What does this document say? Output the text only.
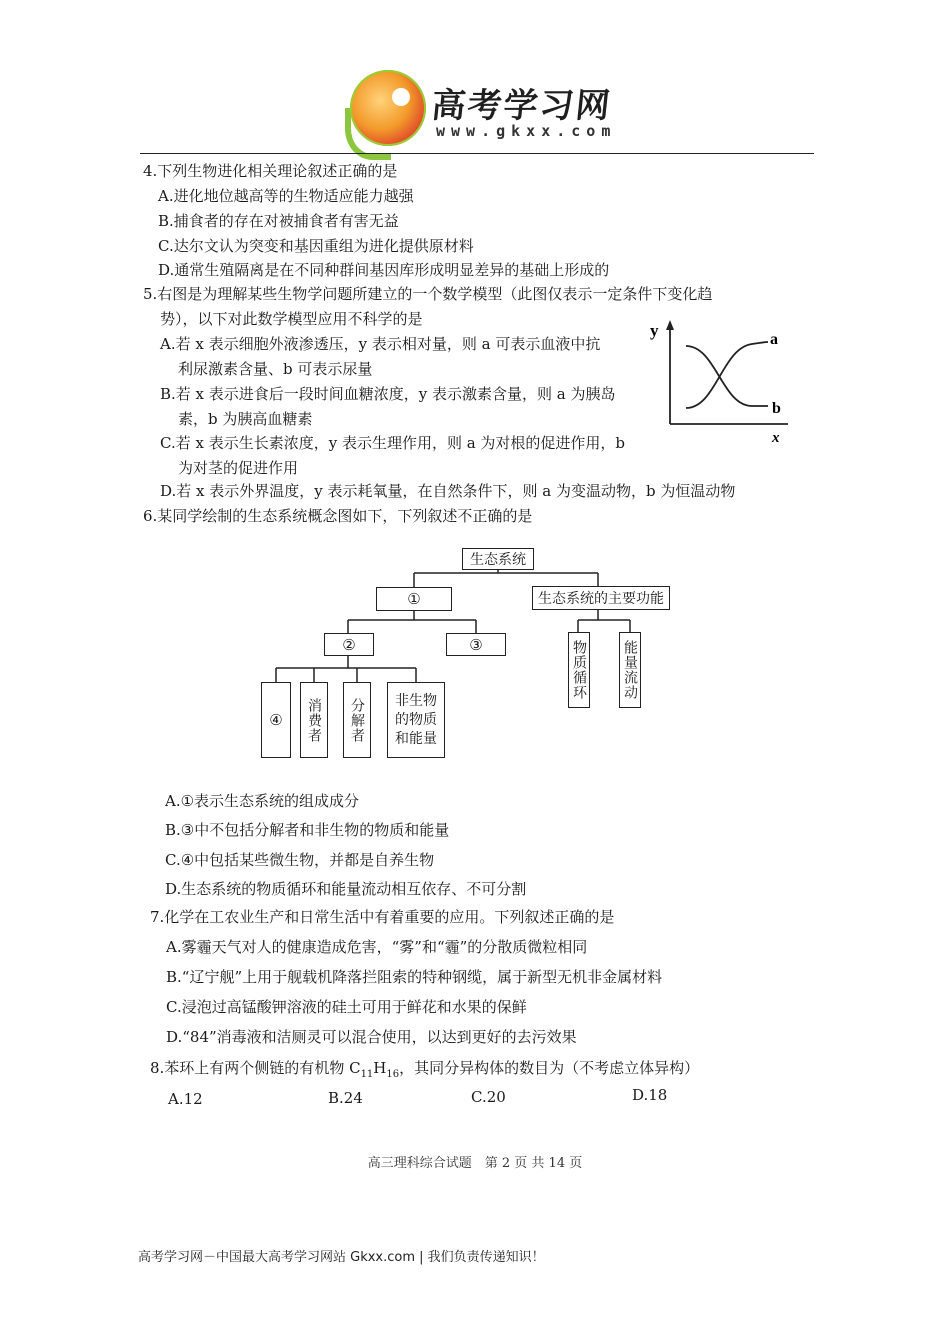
高考学习网
www.gkxx.com
4.下列生物进化相关理论叙述正确的是
A.进化地位越高等的生物适应能力越强
B.捕食者的存在对被捕食者有害无益
C.达尔文认为突变和基因重组为进化提供原材料
D.通常生殖隔离是在不同种群间基因库形成明显差异的基础上形成的
5.右图是为理解某些生物学问题所建立的一个数学模型（此图仅表示一定条件下变化趋
势），以下对此数学模型应用不科学的是
A.若 x 表示细胞外液渗透压，y 表示相对量，则 a 可表示血液中抗
利尿激素含量、b 可表示尿量
B.若 x 表示进食后一段时间血糖浓度，y 表示激素含量，则 a 为胰岛
素，b 为胰高血糖素
C.若 x 表示生长素浓度，y 表示生理作用，则 a 为对根的促进作用，b
为对茎的促进作用
D.若 x 表示外界温度，y 表示耗氧量，在自然条件下，则 a 为变温动物，b 为恒温动物
y
x
a
b
6.某同学绘制的生态系统概念图如下，下列叙述不正确的是
生态系统
①	生态系统的主要功能
②	③
④	消费者	分解者	非生物
的物质
和能量
物质循环	能量流动
A.①表示生态系统的组成成分
B.③中不包括分解者和非生物的物质和能量
C.④中包括某些微生物，并都是自养生物
D.生态系统的物质循环和能量流动相互依存、不可分割
7.化学在工农业生产和日常生活中有着重要的应用。下列叙述正确的是
A.雾霾天气对人的健康造成危害，“雾”和“霾”的分散质微粒相同
B.“辽宁舰”上用于舰载机降落拦阻索的特种钢缆，属于新型无机非金属材料
C.浸泡过高锰酸钾溶液的硅土可用于鲜花和水果的保鲜
D.“84”消毒液和洁厕灵可以混合使用，以达到更好的去污效果
8.苯环上有两个侧链的有机物 $C_{11}H_{16}$，其同分异构体的数目为（不考虑立体异构）
A.12	B.24	C.20	D.18
高三理科综合试题　第 2 页 共 14 页
高考学习网－中国最大高考学习网站 Gkxx.com | 我们负责传递知识！
